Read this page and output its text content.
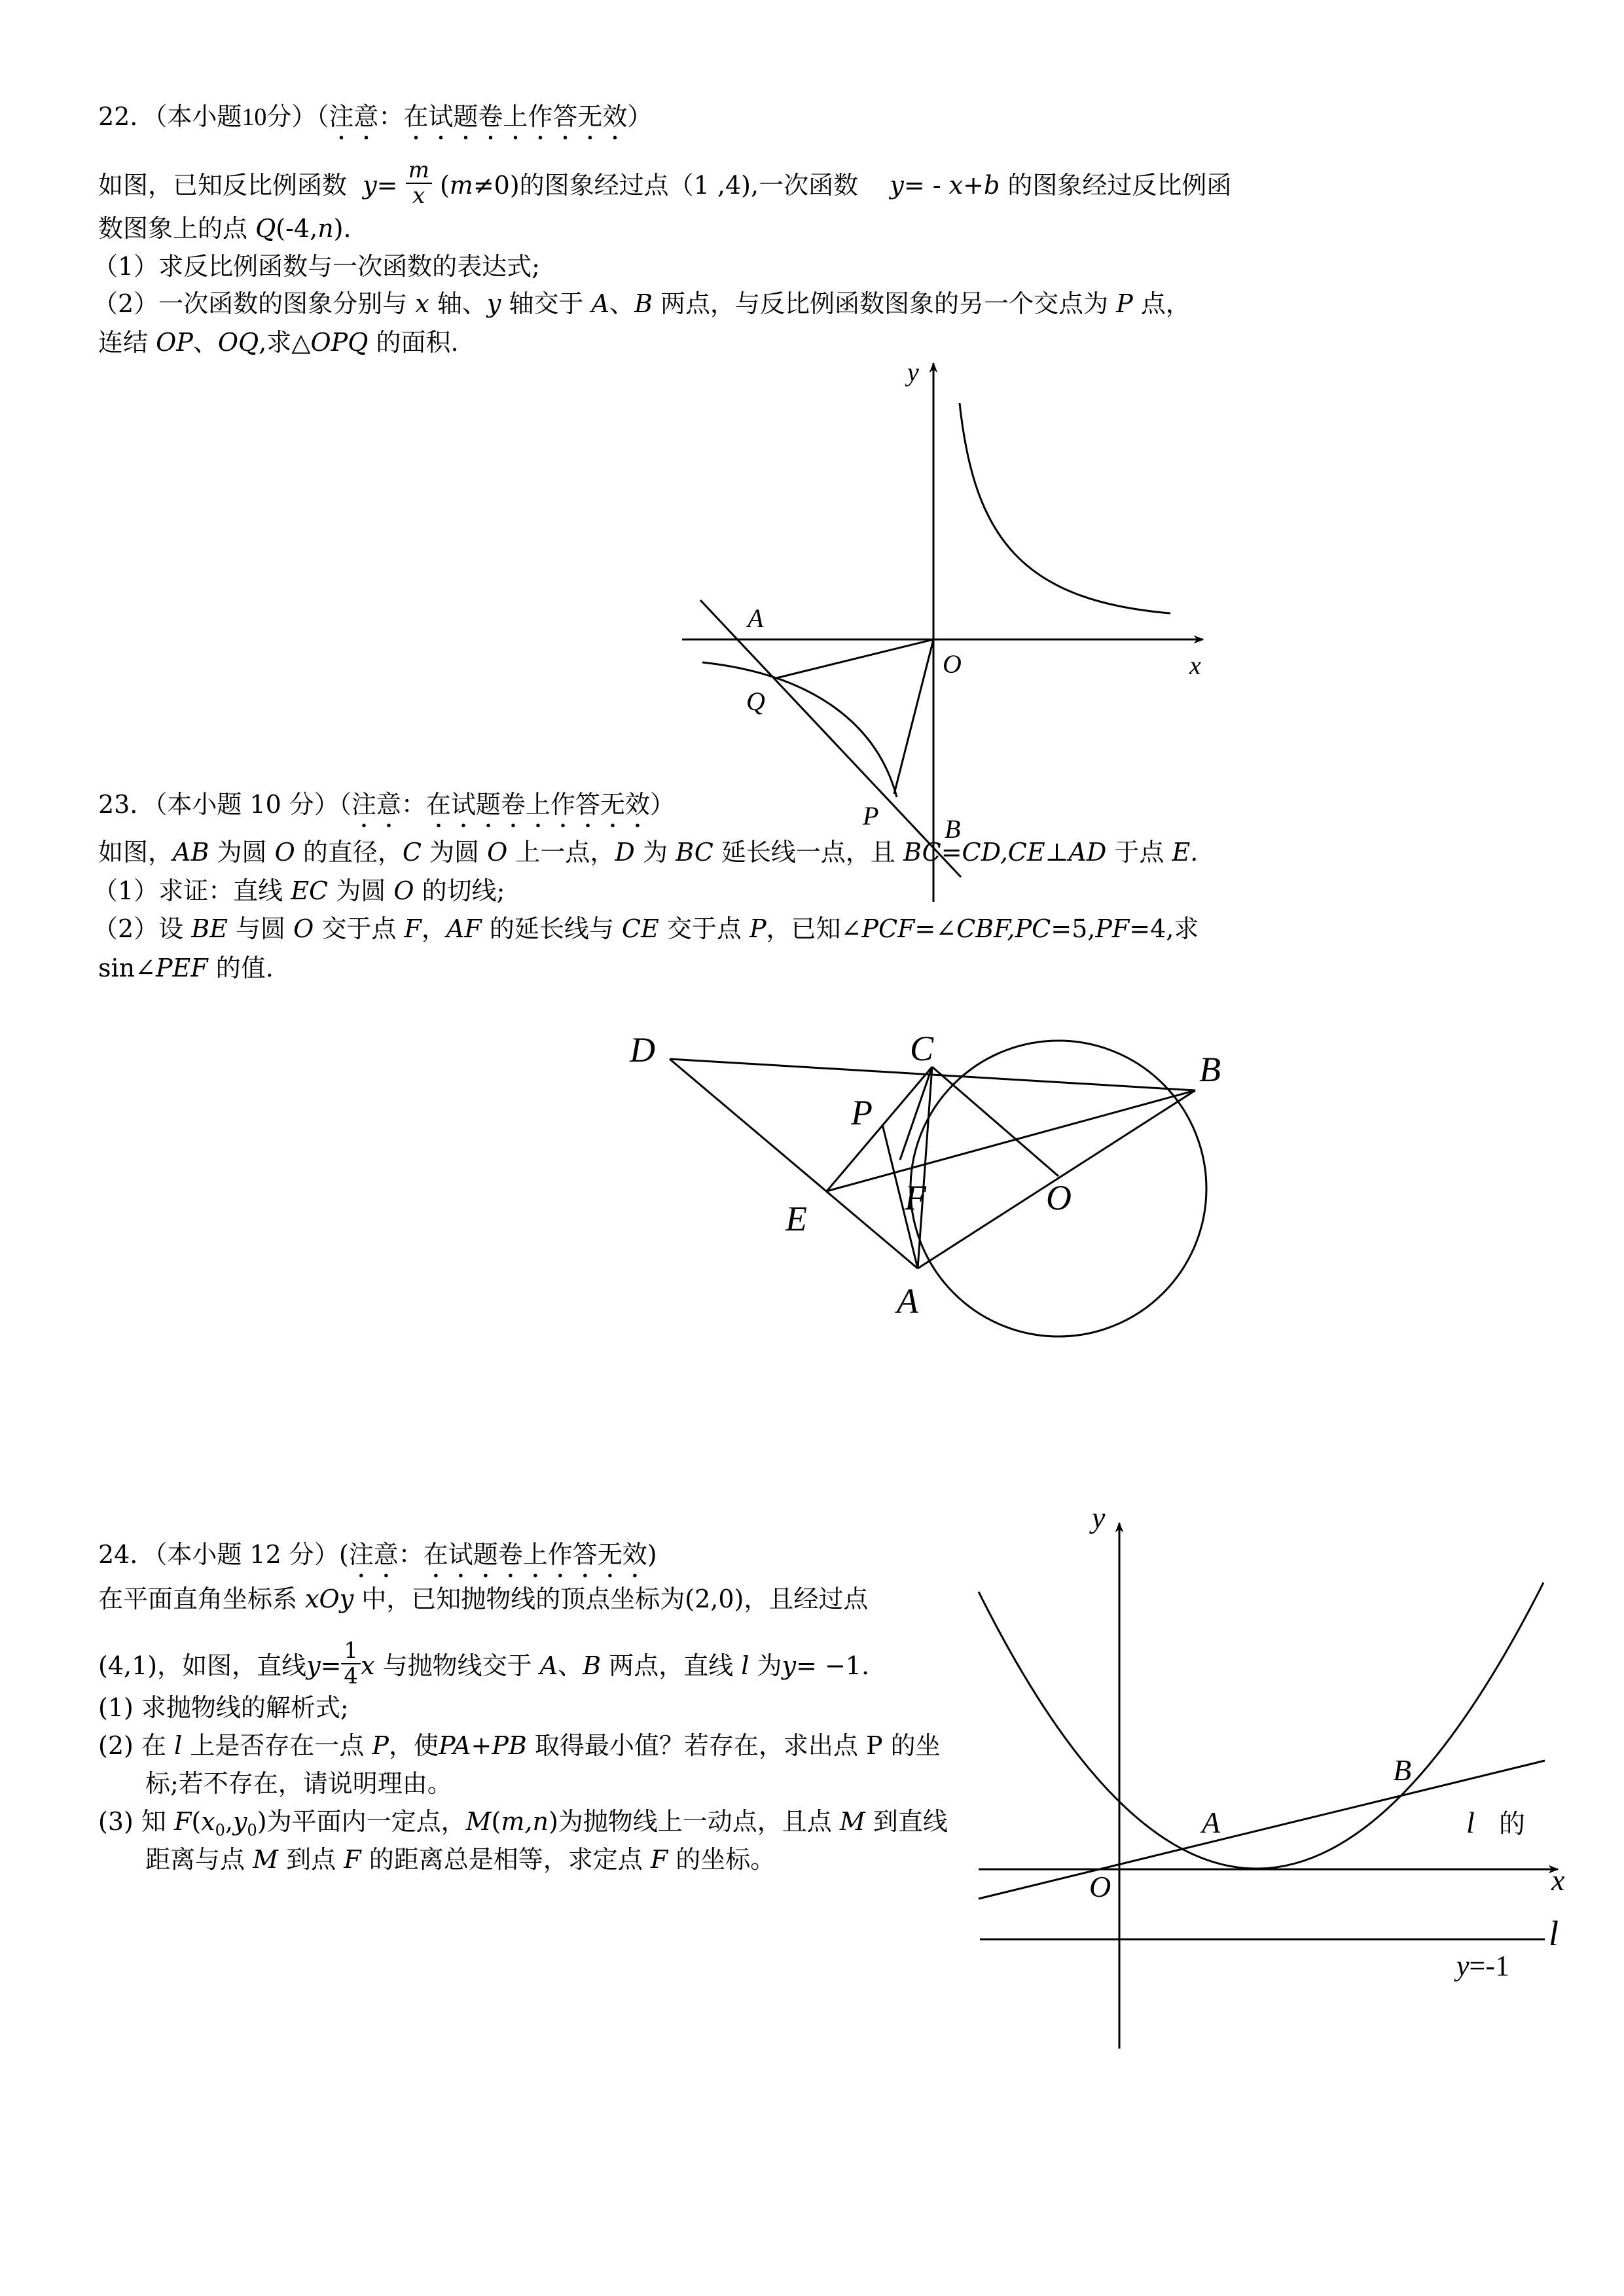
22．（本小题10分）（注意：在试题卷上作答无效）
如图，已知反比例函数 $y= \frac{m}{x} (m\ne 0)$的图象经过点（1 ,4),一次函数 y= - x+b 的图象经过反比例函
数图象上的点 Q(-4,n).
（1）求反比例函数与一次函数的表达式;
（2）一次函数的图象分别与 x 轴、y 轴交于 A、B 两点，与反比例函数图象的另一个交点为 P 点，
连结 OP、OQ,求△OPQ 的面积.
23．（本小题 10 分）（注意：在试题卷上作答无效）
如图，AB 为圆 O 的直径，C 为圆 O 上一点，D 为 BC 延长线一点，且 BC=CD,CE⊥AD 于点 E.
（1）求证：直线 EC 为圆 O 的切线;
（2）设 BE 与圆 O 交于点 F，AF 的延长线与 CE 交于点 P，已知∠PCF=∠CBF,PC=5,PF=4,求
sin∠PEF 的值.
24．（本小题 12 分）(注意：在试题卷上作答无效)
在平面直角坐标系 xOy 中，已知抛物线的顶点坐标为(2,0)，且经过点
(4,1)，如图，直线$y= \frac{1}{4}$ x 与抛物线交于 A、B 两点，直线 l 为y= −1.
(1) 求抛物线的解析式;
(2) 在 l 上是否存在一点 P，使PA+PB 取得最小值？若存在，求出点 P 的坐
标;若不存在，请说明理由。
(3) 知 $F(x_0,y_0)$为平面内一定点，M(m,n)为抛物线上一动点，且点 M 到直线
距离与点 M 到点 F 的距离总是相等，求定点 F 的坐标。
y
x
O
A
Q
P	B
D	C
B
P
E
F	O
A
y
x
O
A
B
l 的
l
y=-1
